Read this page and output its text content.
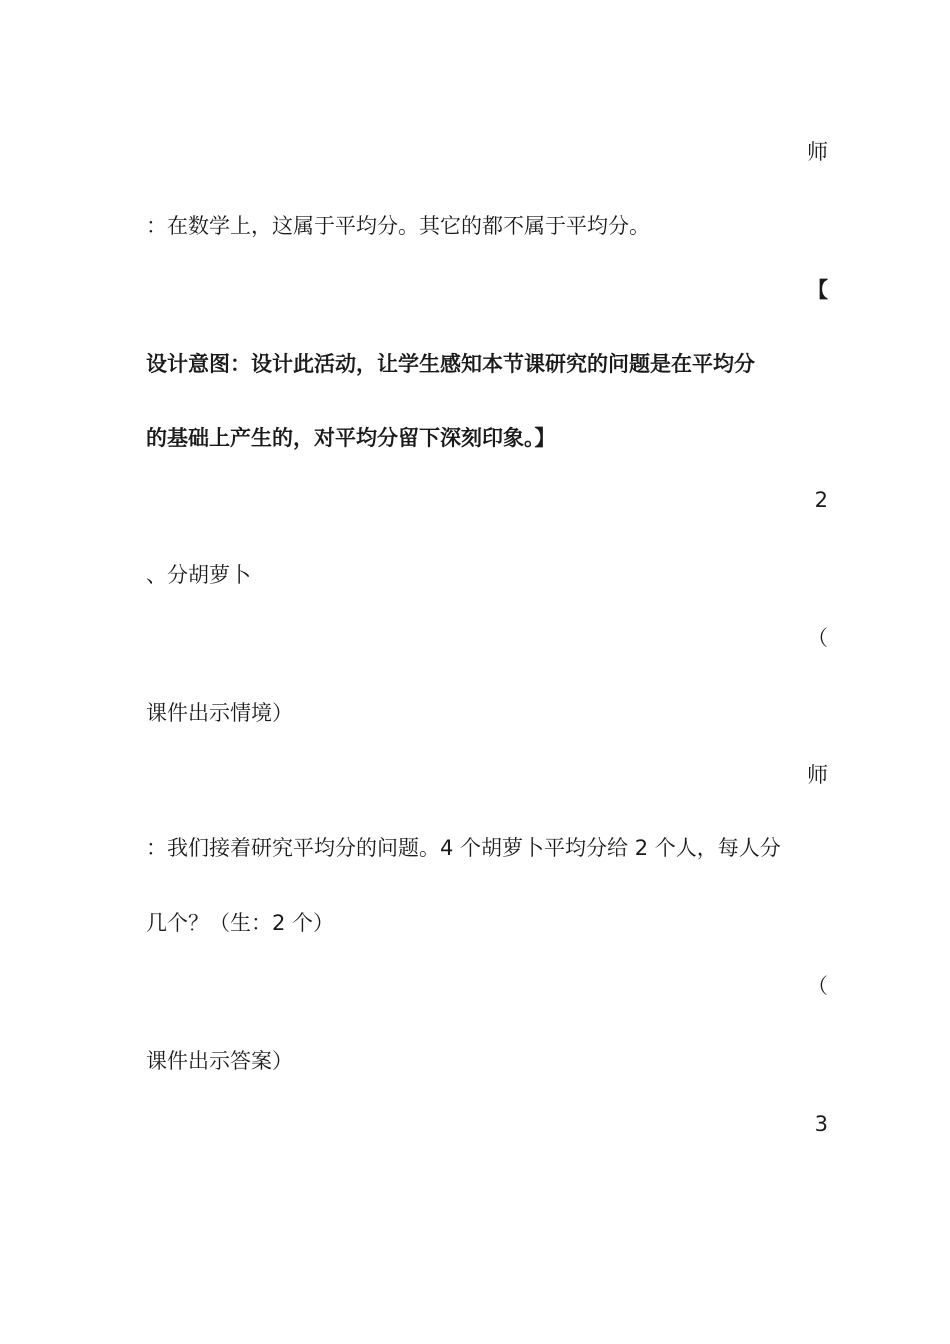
师
：在数学上，这属于平均分。其它的都不属于平均分。
【
设计意图：设计此活动，让学生感知本节课研究的问题是在平均分
的基础上产生的，对平均分留下深刻印象。】
2
、分胡萝卜
（
课件出示情境）
师
：我们接着研究平均分的问题。4 个胡萝卜平均分给 2 个人，每人分
几个？（生：2 个）
（
课件出示答案）
3
